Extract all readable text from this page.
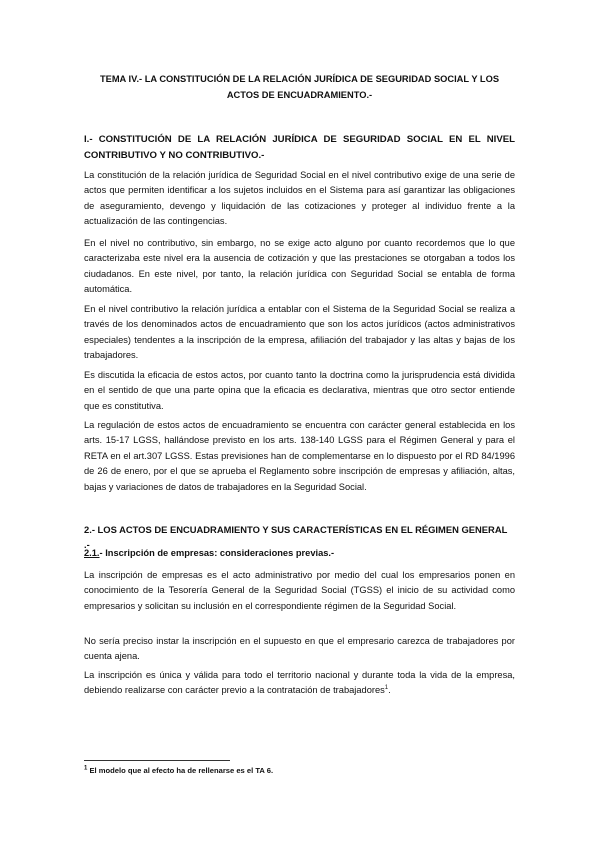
TEMA IV.- LA CONSTITUCIÓN DE LA RELACIÓN JURÍDICA DE SEGURIDAD SOCIAL Y LOS ACTOS DE ENCUADRAMIENTO.-
I.- CONSTITUCIÓN DE LA RELACIÓN JURÍDICA DE SEGURIDAD SOCIAL EN EL NIVEL CONTRIBUTIVO Y NO CONTRIBUTIVO.-

La constitución de la relación jurídica de Seguridad Social en el nivel contributivo exige de una serie de actos que permiten identificar a los sujetos incluidos en el Sistema para así garantizar las obligaciones de aseguramiento, devengo y liquidación de las cotizaciones y proteger al individuo frente a la actualización de las contingencias.

En el nivel no contributivo, sin embargo, no se exige acto alguno por cuanto recordemos que lo que caracterizaba este nivel era la ausencia de cotización y que las prestaciones se otorgaban a todos los ciudadanos. En este nivel, por tanto, la relación jurídica con Seguridad Social se entabla de forma automática.

En el nivel contributivo la relación jurídica a entablar con el Sistema de la Seguridad Social se realiza a través de los denominados actos de encuadramiento que son los actos jurídicos (actos administrativos especiales) tendentes a la inscripción de la empresa, afiliación del trabajador y las altas y bajas de los trabajadores.

Es discutida la eficacia de estos actos, por cuanto tanto la doctrina como la jurisprudencia está dividida en el sentido de que una parte opina que la eficacia es declarativa, mientras que otro sector entiende que es constitutiva.

La regulación de estos actos de encuadramiento se encuentra con carácter general establecida en los arts. 15-17 LGSS, hallándose previsto en los arts. 138-140 LGSS para el Régimen General y para el RETA en el art.307 LGSS. Estas previsiones han de complementarse en lo dispuesto por el RD 84/1996 de 26 de enero, por el que se aprueba el Reglamento sobre inscripción de empresas y afiliación, altas, bajas y variaciones de datos de trabajadores en la Seguridad Social.

2.- LOS ACTOS DE ENCUADRAMIENTO Y SUS CARACTERÍSTICAS EN EL RÉGIMEN GENERAL .-
2.1.- Inscripción de empresas: consideraciones previas.-

La inscripción de empresas es el acto administrativo por medio del cual los empresarios ponen en conocimiento de la Tesorería General de la Seguridad Social (TGSS) el inicio de su actividad como empresarios y solicitan su inclusión en el correspondiente régimen de la Seguridad Social.

No sería preciso instar la inscripción en el supuesto en que el empresario carezca de trabajadores por cuenta ajena.

La inscripción es única y válida para todo el territorio nacional y durante toda la vida de la empresa, debiendo realizarse con carácter previo a la contratación de trabajadores$^1$.

$^1$ El modelo que al efecto ha de rellenarse es el TA 6.
